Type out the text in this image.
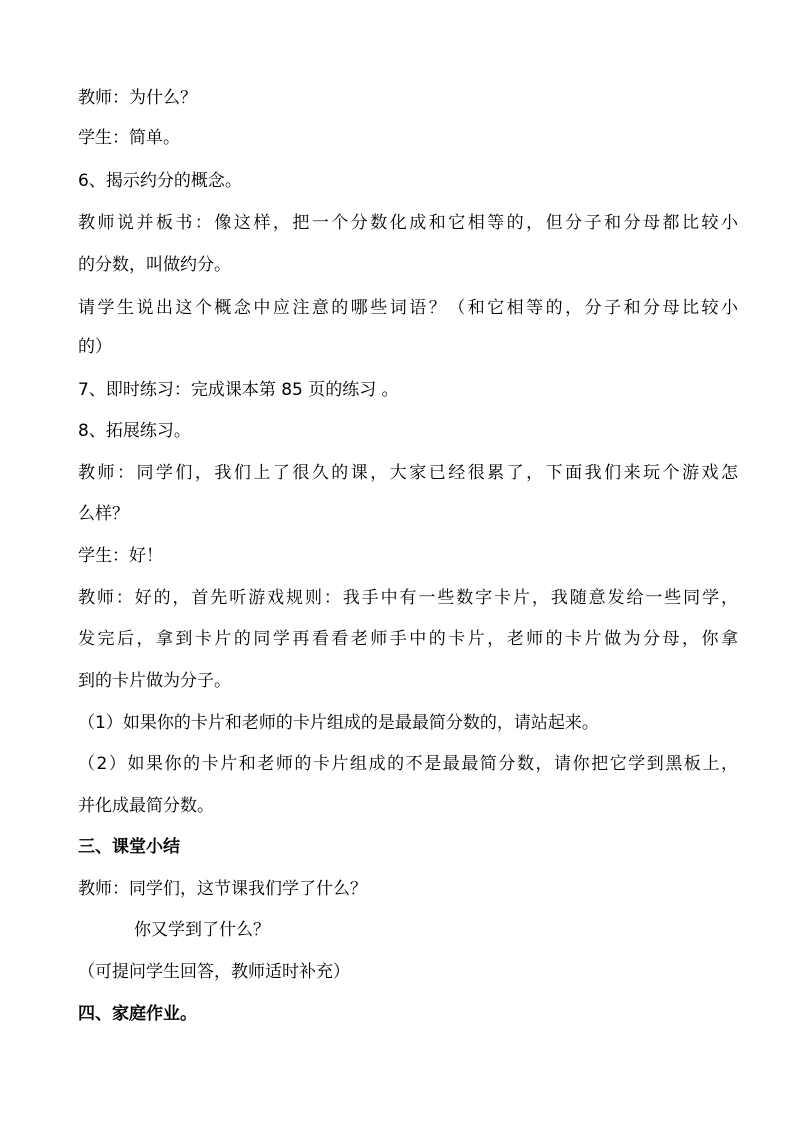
教师：为什么？
学生：简单。
6、揭示约分的概念。
教师说并板书：像这样，把一个分数化成和它相等的，但分子和分母都比较小
的分数，叫做约分。
请学生说出这个概念中应注意的哪些词语？（和它相等的，分子和分母比较小
的）
7、即时练习：完成课本第 85 页的练习 。
8、拓展练习。
教师：同学们，我们上了很久的课，大家已经很累了，下面我们来玩个游戏怎
么样？
学生：好！
教师：好的，首先听游戏规则：我手中有一些数字卡片，我随意发给一些同学，
发完后，拿到卡片的同学再看看老师手中的卡片，老师的卡片做为分母，你拿
到的卡片做为分子。
（1）如果你的卡片和老师的卡片组成的是最最简分数的，请站起来。
（2）如果你的卡片和老师的卡片组成的不是最最简分数，请你把它学到黑板上，
并化成最简分数。
三、课堂小结
教师：同学们，这节课我们学了什么？
你又学到了什么？
（可提问学生回答，教师适时补充）
四、家庭作业。
